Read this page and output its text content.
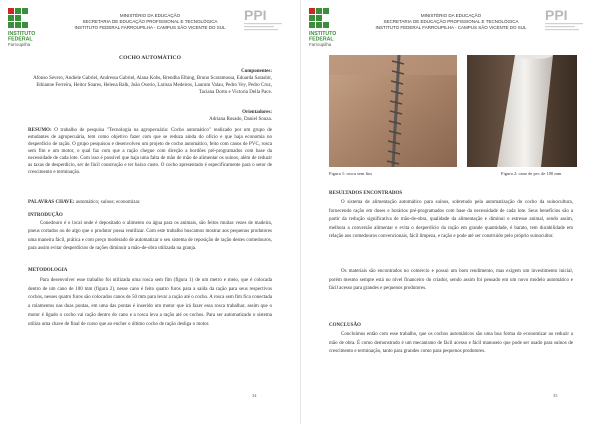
INSTITUTO
FEDERAL
Farroupilha
MINISTÉRIO DA EDUCAÇÃO
SECRETARIA DE EDUCAÇÃO PROFISSIONAL E TECNOLÓGICA
INSTITUTO FEDERAL FARROUPILHA - CAMPUS SÃO VICENTE DO SUL
PPI
COCHO AUTOMÁTICO
Componentes:
Afonso Severo, Andiele Gabriel, Andressa Gabriel, Alana Kobs, Brendha Elbing, Bruno Scaramussa, Eduarda Sarasbir, Ethianne Ferreira, Heitor Soares, Helena Balk, João Osorio, Larissa Medeiros, Laurum Valau, Pedro Vey, Pedro Cruz, Taciana Dorto e Victoria Della Pace.
Orientadores:
Adriana Rosado, Daniel Souza.
RESUMO: O trabalho de pesquisa "Tecnologia na agropecuária: Cocho automático" realizado por um grupo de estudantes de agropecuária, tem como objetivo fazer com que se reduza ainda do ofício e que haja economia no desperdício de ração. O grupo pesquisou e desenvolveu um projeto de cocho automático, feito com canos de PVC, rosca sem fim e um motor, o qual faz com que a ração chegue com direção a bordões pré-programados com base da necessidade de cada lote. Com isso é possível que haja uma falta de mão de mão de alimentar os suínos, além de reduzir as taxas de desperdício, ser de fácil construção e ter baixo custo. O cocho apresentado é especificamente para o setor de crescimento e terminação.
PALAVRAS CHAVE: automático; suínos; economizar.
INTRODUÇÃO
Conedouro é o local onde é depositado o alimento ou água para os animais, são feitos muitas vezes de madeira, pneus cortados ou de algo que o produtor possa reutilizar. Com este trabalho buscamos mostrar aos pequenos produtores uma maneira fácil, prática e com preço moderado de automatizar o seu sistema de reposição de ração destes comedouros, para assim evitar desperdícios de rações diminuir a mão-de-obra utilizada na granja.
METODOLOGIA
Para desenvolver esse trabalho foi utilizada uma rosca sem fim (figura 1) de um metro e meio, que é colocada dentro de um cano de 100 mm (figura 2), nesse cano é feito quatro furos para a saída da ração para seus respectivos cochos, nesses quatro furos são colocados canos de 50 mm para levar a ração até o cocho. A rosca sem fim fica conectada a rolamentos nas duas pontas, em uma das pontas é inserido um motor que irá fazer essa rosca trabalhar, assim que o motor é ligado o cocho vai ração dentro do cano e a rosca leva a ração até os cochos. Para ser automatizado o sistema utiliza uma chave de final de curso que ao encher o último cocho de ração desliga o motor.
34
INSTITUTO
FEDERAL
Farroupilha
MINISTÉRIO DA EDUCAÇÃO
SECRETARIA DE EDUCAÇÃO PROFISSIONAL E TECNOLÓGICA
INSTITUTO FEDERAL FARROUPILHA - CAMPUS SÃO VICENTE DO SUL
PPI
Figura 1: rosca sem fim	Figura 2: cano de pvc de 100 mm
RESULTADOS ENCONTRADOS
O sistema de alimentação automático para suínos, sobretudo pela automatização do cocho da suinocultura, fornecendo ração em doses e horários pré-programados com base da necessidade de cada lote. Seus benefícios são a partir da redução significativa de mão-de-obra, qualidade da alimentação e diminui o estresse animal, sendo assim, melhora a conversão alimentar e evita o desperdício da ração em grande quantidade, é barato, tem durabilidade em relação aos comedouros convencionais, fácil limpeza, e ração e pode até ser construído pelo próprio suinocultor.
Os materiais são encontrados no comércio e possui um bom rendimento, mas exigem um investimento inicial, porém mesmo sempre está no nível financeiro do criador, sendo assim foi pensado em um novo modelo automático e fácil acesso para grandes e pequenos produtores.
CONCLUSÃO
Concluímos então com esse trabalho, que os cochos automáticos são uma boa forma de economizar ao reduzir a mão de obra. É como demonstrado é um mecanismo de fácil acesso e fácil manuseio que pode ser usado para suínos de crescimento e terminação, tanto para grandes como para pequenos produtores.
35
